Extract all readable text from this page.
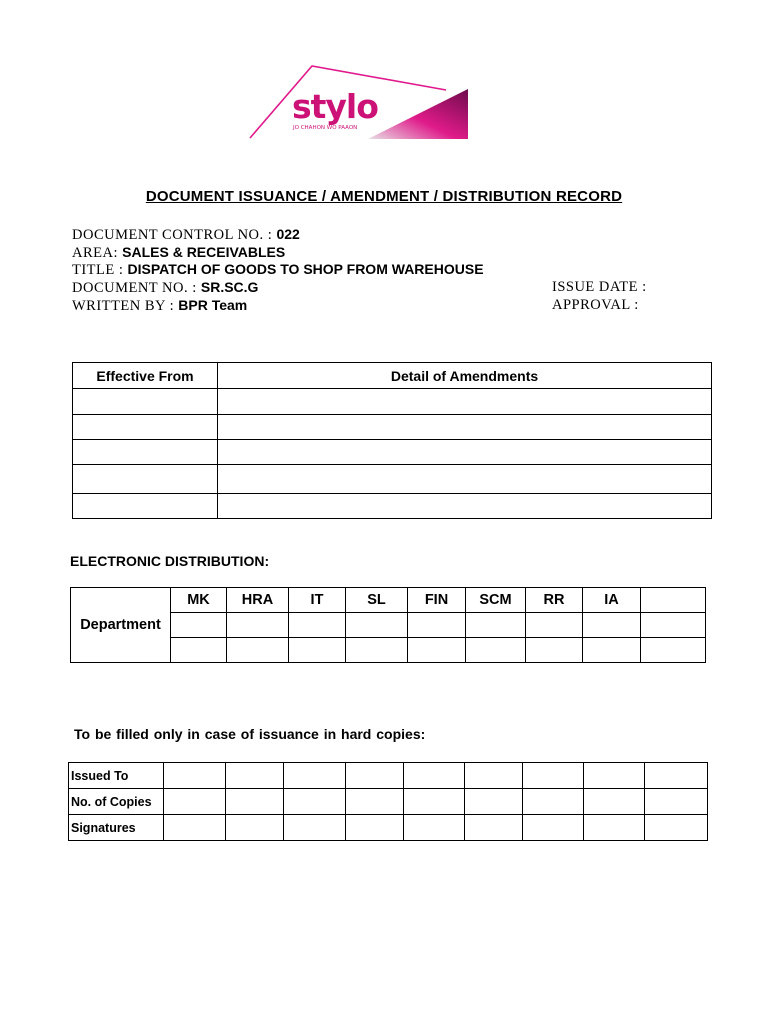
stylo
JO CHAHON WO PAAON
DOCUMENT ISSUANCE / AMENDMENT / DISTRIBUTION RECORD
DOCUMENT CONTROL NO. : 022
AREA: SALES & RECEIVABLES
TITLE : DISPATCH OF GOODS TO SHOP FROM WAREHOUSE
DOCUMENT NO. : SR.SC.G
WRITTEN BY : BPR Team
ISSUE DATE :
APPROVAL :
Effective From	Detail of Amendments

ELECTRONIC DISTRIBUTION:
Department	MK	HRA	IT	SL	FIN	SCM	RR	IA	

To be filled only in case of issuance in hard copies:
Issued To									
No. of Copies									
Signatures									
